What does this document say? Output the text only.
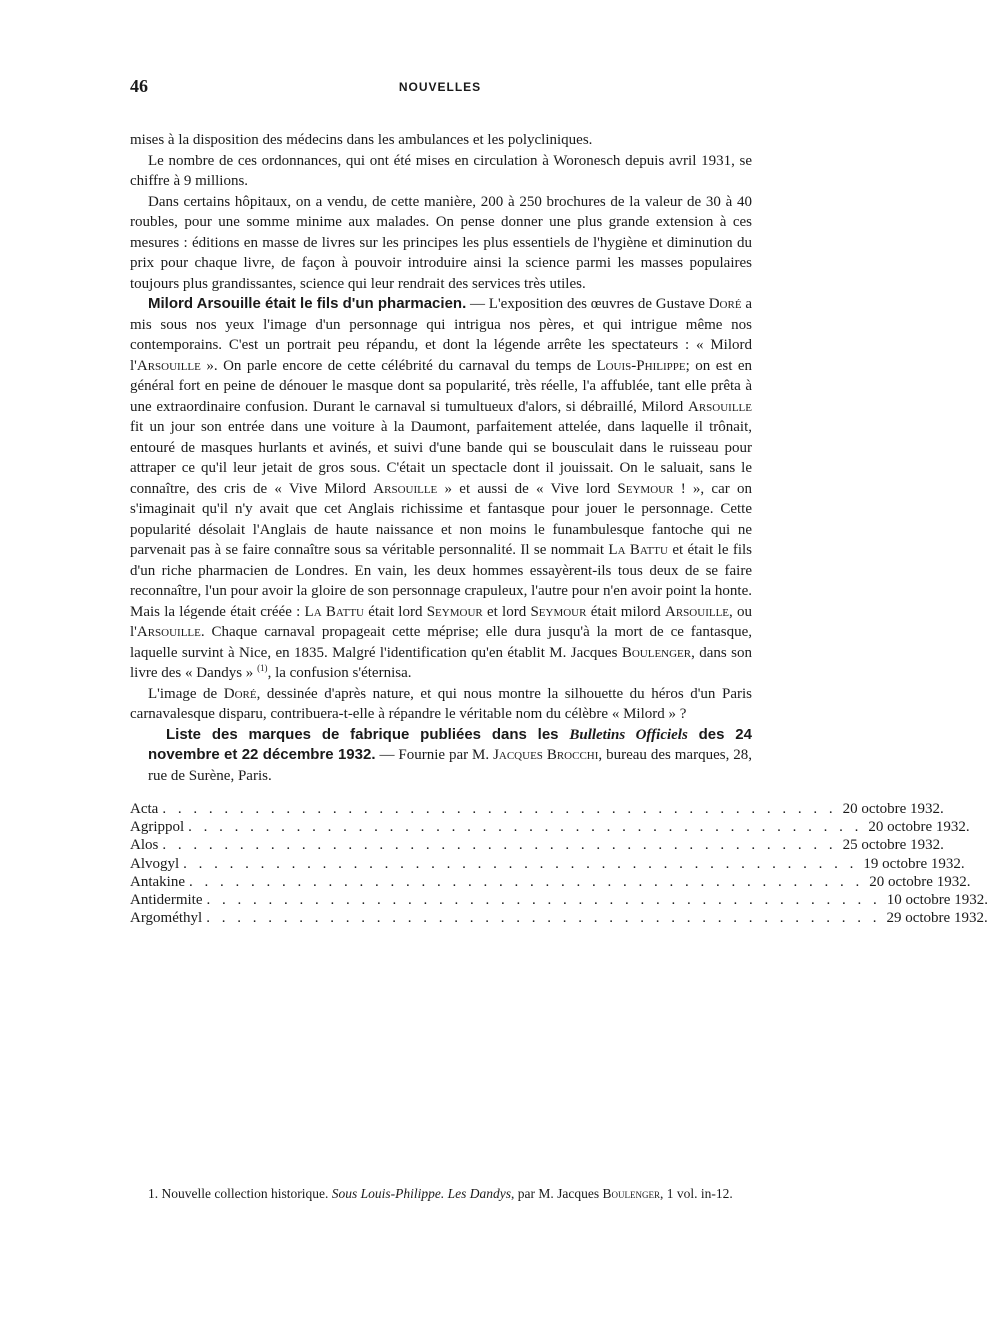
46	NOUVELLES

mises à la disposition des médecins dans les ambulances et les polycliniques.

Le nombre de ces ordonnances, qui ont été mises en circulation à Woronesch depuis avril 1931, se chiffre à 9 millions.

Dans certains hôpitaux, on a vendu, de cette manière, 200 à 250 brochures de la valeur de 30 à 40 roubles, pour une somme minime aux malades. On pense donner une plus grande extension à ces mesures : éditions en masse de livres sur les principes les plus essentiels de l'hygiène et diminution du prix pour chaque livre, de façon à pouvoir introduire ainsi la science parmi les masses populaires toujours plus grandissantes, science qui leur rendrait des services très utiles.

Milord Arsouille était le fils d'un pharmacien. — L'exposition des œuvres de Gustave Doré a mis sous nos yeux l'image d'un personnage qui intrigua nos pères, et qui intrigue même nos contemporains. C'est un portrait peu répandu, et dont la légende arrête les spectateurs : « Milord l'Arsouille ». On parle encore de cette célébrité du carnaval du temps de Louis-Philippe; on est en général fort en peine de dénouer le masque dont sa popularité, très réelle, l'a affublée, tant elle prêta à une extraordinaire confusion. Durant le carnaval si tumultueux d'alors, si débraillé, Milord Arsouille fit un jour son entrée dans une voiture à la Daumont, parfaitement attelée, dans laquelle il trônait, entouré de masques hurlants et avinés, et suivi d'une bande qui se bousculait dans le ruisseau pour attraper ce qu'il leur jetait de gros sous. C'était un spectacle dont il jouissait. On le saluait, sans le connaître, des cris de « Vive Milord Arsouille » et aussi de « Vive lord Seymour ! », car on s'imaginait qu'il n'y avait que cet Anglais richissime et fantasque pour jouer le personnage. Cette popularité désolait l'Anglais de haute naissance et non moins le funambulesque fantoche qui ne parvenait pas à se faire connaître sous sa véritable personnalité. Il se nommait La Battu et était le fils d'un riche pharmacien de Londres. En vain, les deux hommes essayèrent-ils tous deux de se faire reconnaître, l'un pour avoir la gloire de son personnage crapuleux, l'autre pour n'en avoir point la honte. Mais la légende était créée : La Battu était lord Seymour et lord Seymour était milord Arsouille, ou l'Arsouille. Chaque carnaval propageait cette méprise; elle dura jusqu'à la mort de ce fantasque, laquelle survint à Nice, en 1835. Malgré l'identification qu'en établit M. Jacques Boulenger, dans son livre des « Dandys » $^{(1)}$, la confusion s'éternisa.

L'image de Doré, dessinée d'après nature, et qui nous montre la silhouette du héros d'un Paris carnavalesque disparu, contribuera-t-elle à répandre le véritable nom du célèbre « Milord » ?

Liste des marques de fabrique publiées dans les Bulletins Officiels des 24 novembre et 22 décembre 1932. — Fournie par M. Jacques Brocchi, bureau des marques, 28, rue de Surène, Paris.

Acta . . . . . . . . . . . . . . . . . . . . . . . . . . . . . . . . . . . . . . . . . . . . 20 octobre 1932.
Agrippol . . . . . . . . . . . . . . . . . . . . . . . . . . . . . . . . . . . . . . . . . . . . 20 octobre 1932.
Alos . . . . . . . . . . . . . . . . . . . . . . . . . . . . . . . . . . . . . . . . . . . . 25 octobre 1932.
Alvogyl . . . . . . . . . . . . . . . . . . . . . . . . . . . . . . . . . . . . . . . . . . . . 19 octobre 1932.
Antakine . . . . . . . . . . . . . . . . . . . . . . . . . . . . . . . . . . . . . . . . . . . . 20 octobre 1932.
Antidermite . . . . . . . . . . . . . . . . . . . . . . . . . . . . . . . . . . . . . . . . . . . . 10 octobre 1932.
Argométhyl . . . . . . . . . . . . . . . . . . . . . . . . . . . . . . . . . . . . . . . . . . . . 29 octobre 1932.

1. Nouvelle collection historique. Sous Louis-Philippe. Les Dandys, par M. Jacques Boulenger, 1 vol. in-12.
